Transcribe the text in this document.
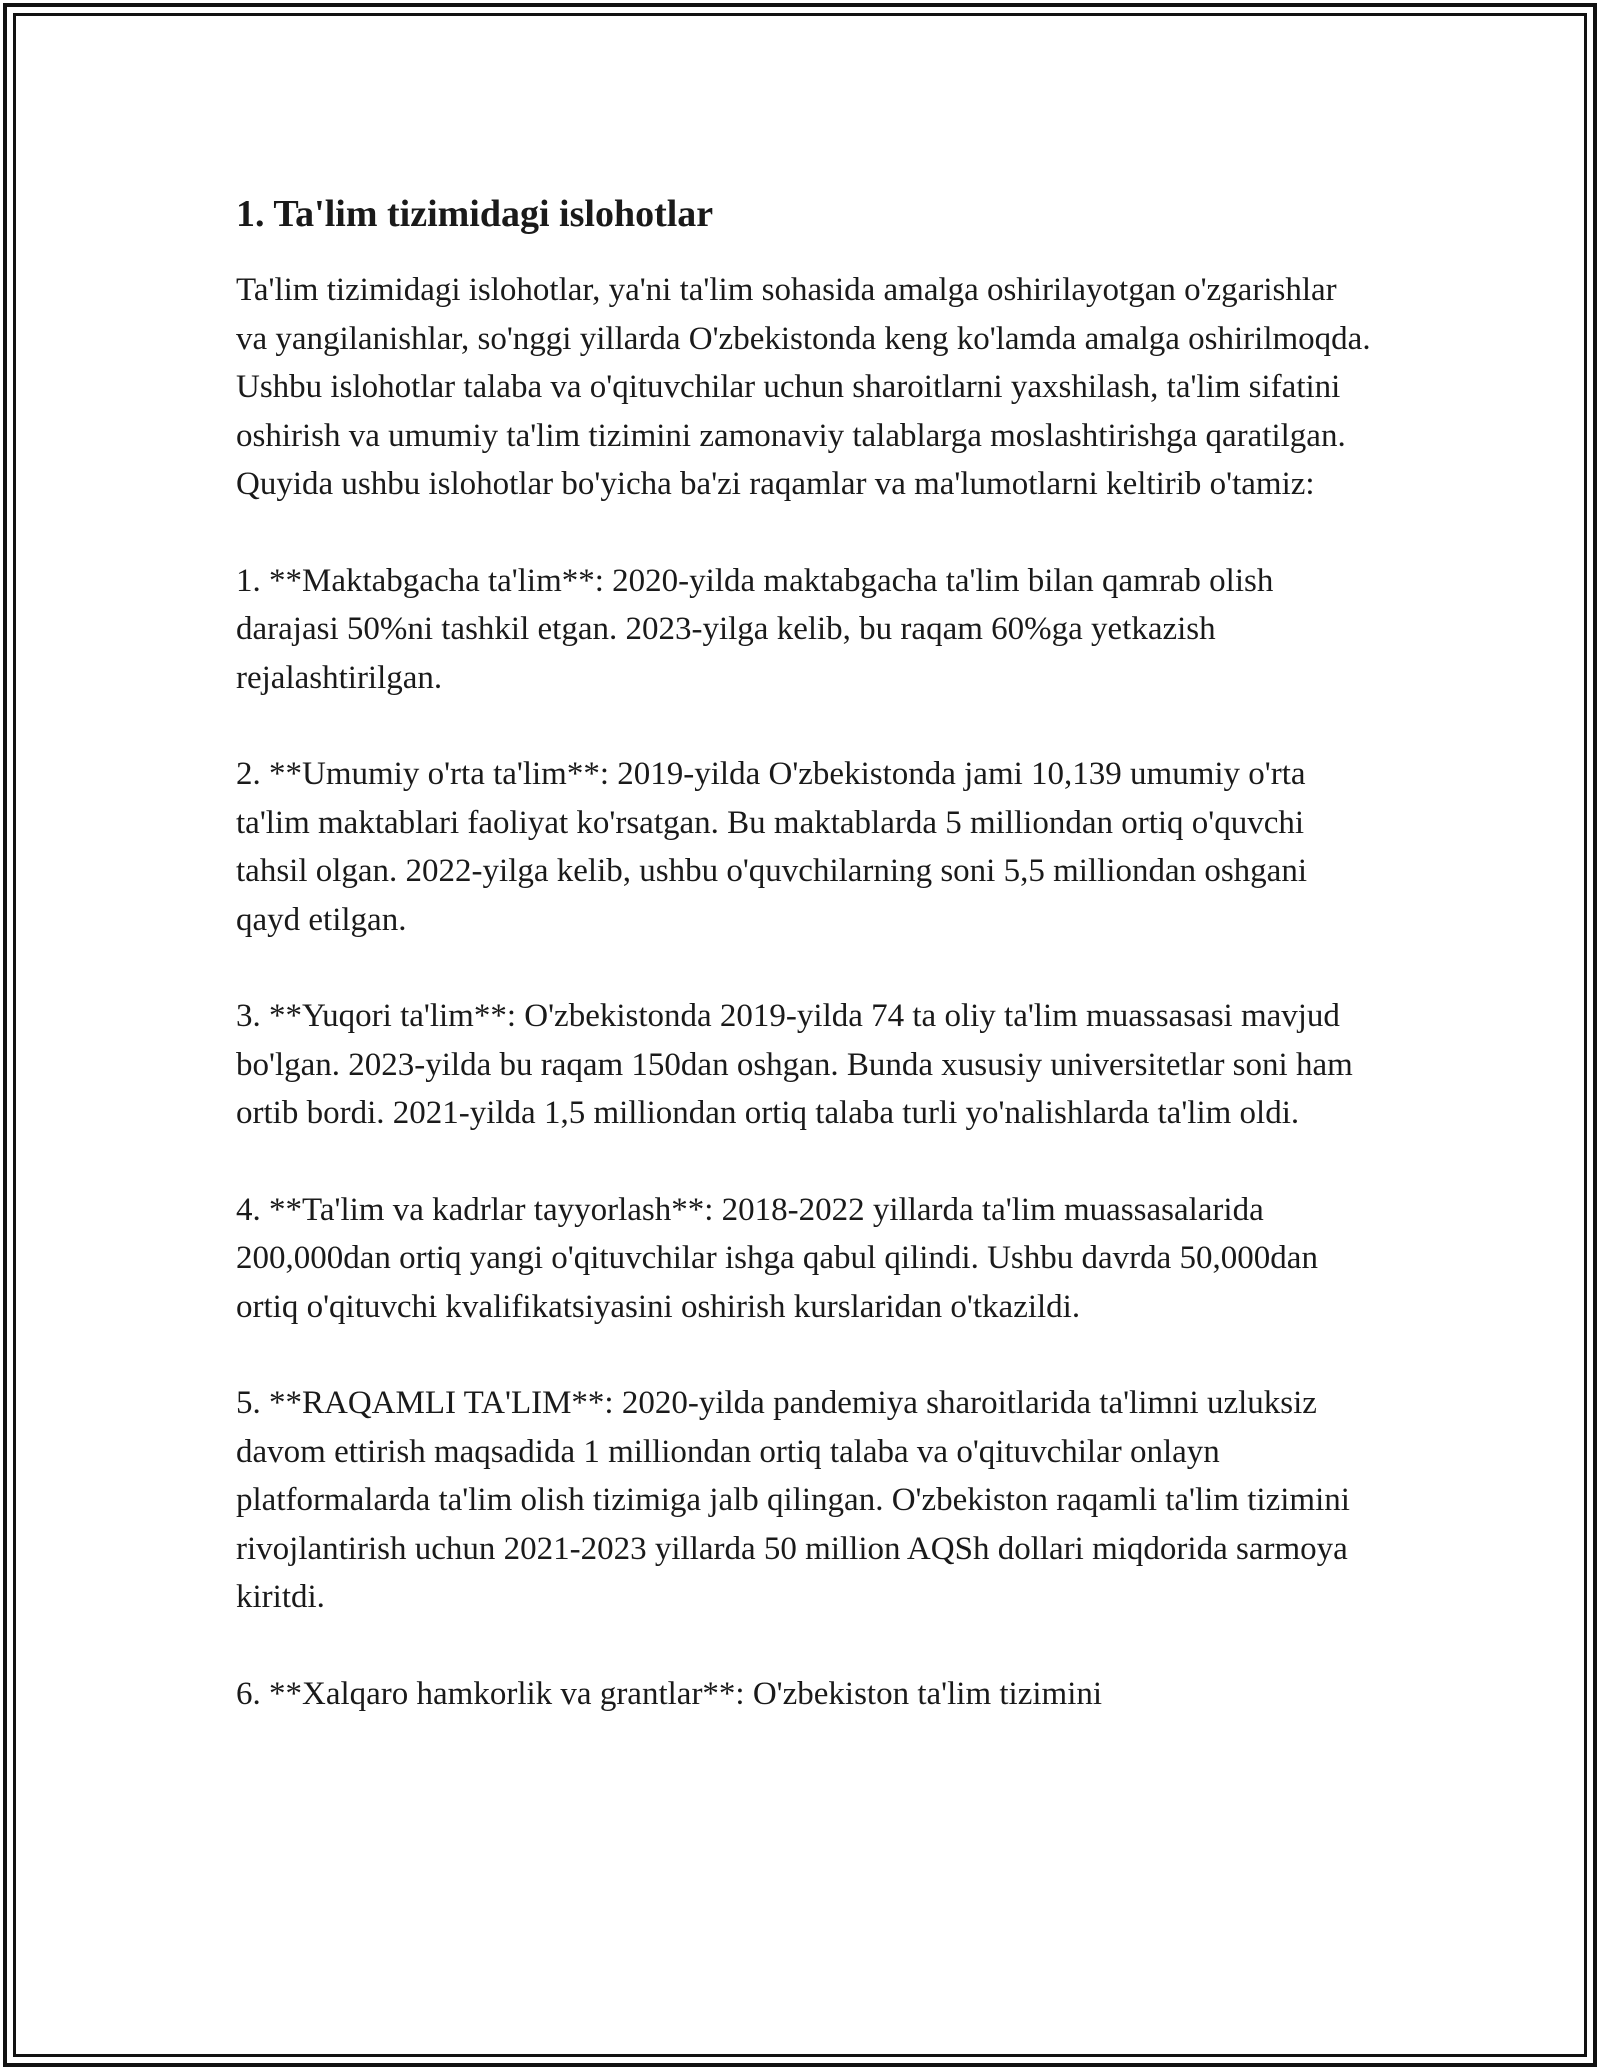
1. Ta'lim tizimidagi islohotlar

Ta'lim tizimidagi islohotlar, ya'ni ta'lim sohasida amalga oshirilayotgan o'zgarishlar va yangilanishlar, so'nggi yillarda O'zbekistonda keng ko'lamda amalga oshirilmoqda. Ushbu islohotlar talaba va o'qituvchilar uchun sharoitlarni yaxshilash, ta'lim sifatini oshirish va umumiy ta'lim tizimini zamonaviy talablarga moslashtirishga qaratilgan. Quyida ushbu islohotlar bo'yicha ba'zi raqamlar va ma'lumotlarni keltirib o'tamiz:

1. **Maktabgacha ta'lim**: 2020-yilda maktabgacha ta'lim bilan qamrab olish darajasi 50%ni tashkil etgan. 2023-yilga kelib, bu raqam 60%ga yetkazish rejalashtirilgan.

2. **Umumiy o'rta ta'lim**: 2019-yilda O'zbekistonda jami 10,139 umumiy o'rta ta'lim maktablari faoliyat ko'rsatgan. Bu maktablarda 5 milliondan ortiq o'quvchi tahsil olgan. 2022-yilga kelib, ushbu o'quvchilarning soni 5,5 milliondan oshgani qayd etilgan.

3. **Yuqori ta'lim**: O'zbekistonda 2019-yilda 74 ta oliy ta'lim muassasasi mavjud bo'lgan. 2023-yilda bu raqam 150dan oshgan. Bunda xususiy universitetlar soni ham ortib bordi. 2021-yilda 1,5 milliondan ortiq talaba turli yo'nalishlarda ta'lim oldi.

4. **Ta'lim va kadrlar tayyorlash**: 2018-2022 yillarda ta'lim muassasalarida 200,000dan ortiq yangi o'qituvchilar ishga qabul qilindi. Ushbu davrda 50,000dan ortiq o'qituvchi kvalifikatsiyasini oshirish kurslaridan o'tkazildi.

5. **RAQAMLI TA'LIM**: 2020-yilda pandemiya sharoitlarida ta'limni uzluksiz davom ettirish maqsadida 1 milliondan ortiq talaba va o'qituvchilar onlayn platformalarda ta'lim olish tizimiga jalb qilingan. O'zbekiston raqamli ta'lim tizimini rivojlantirish uchun 2021-2023 yillarda 50 million AQSh dollari miqdorida sarmoya kiritdi.

6. **Xalqaro hamkorlik va grantlar**: O'zbekiston ta'lim tizimini
